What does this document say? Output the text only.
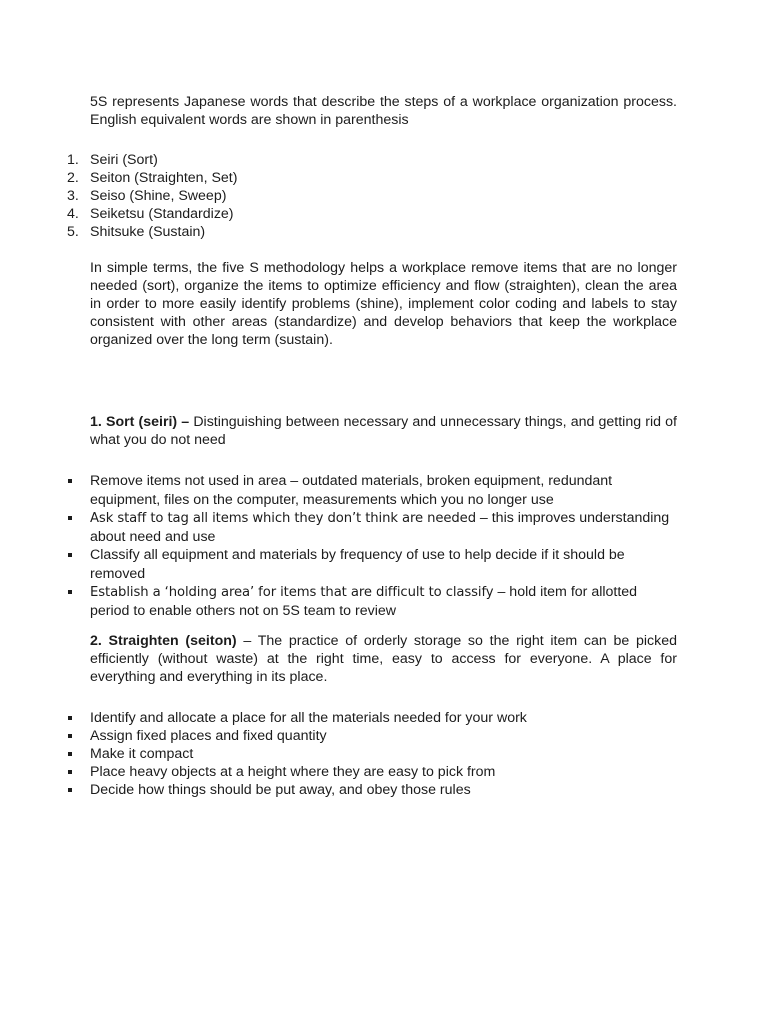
5S represents Japanese words that describe the steps of a workplace organization process. English equivalent words are shown in parenthesis

1. Seiri (Sort)
2. Seiton (Straighten, Set)
3. Seiso (Shine, Sweep)
4. Seiketsu (Standardize)
5. Shitsuke (Sustain)

In simple terms, the five S methodology helps a workplace remove items that are no longer needed (sort), organize the items to optimize efficiency and flow (straighten), clean the area in order to more easily identify problems (shine), implement color coding and labels to stay consistent with other areas (standardize) and develop behaviors that keep the workplace organized over the long term (sustain).

1. Sort (seiri) – Distinguishing between necessary and unnecessary things, and getting rid of what you do not need

Remove items not used in area – outdated materials, broken equipment, redundant equipment, files on the computer, measurements which you no longer use
Ask staff to tag all items which they don’t think are needed – this improves understanding about need and use
Classify all equipment and materials by frequency of use to help decide if it should be removed
Establish a ‘holding area’ for items that are difficult to classify – hold item for allotted period to enable others not on 5S team to review

2. Straighten (seiton) – The practice of orderly storage so the right item can be picked efficiently (without waste) at the right time, easy to access for everyone. A place for everything and everything in its place.

Identify and allocate a place for all the materials needed for your work
Assign fixed places and fixed quantity
Make it compact
Place heavy objects at a height where they are easy to pick from
Decide how things should be put away, and obey those rules
